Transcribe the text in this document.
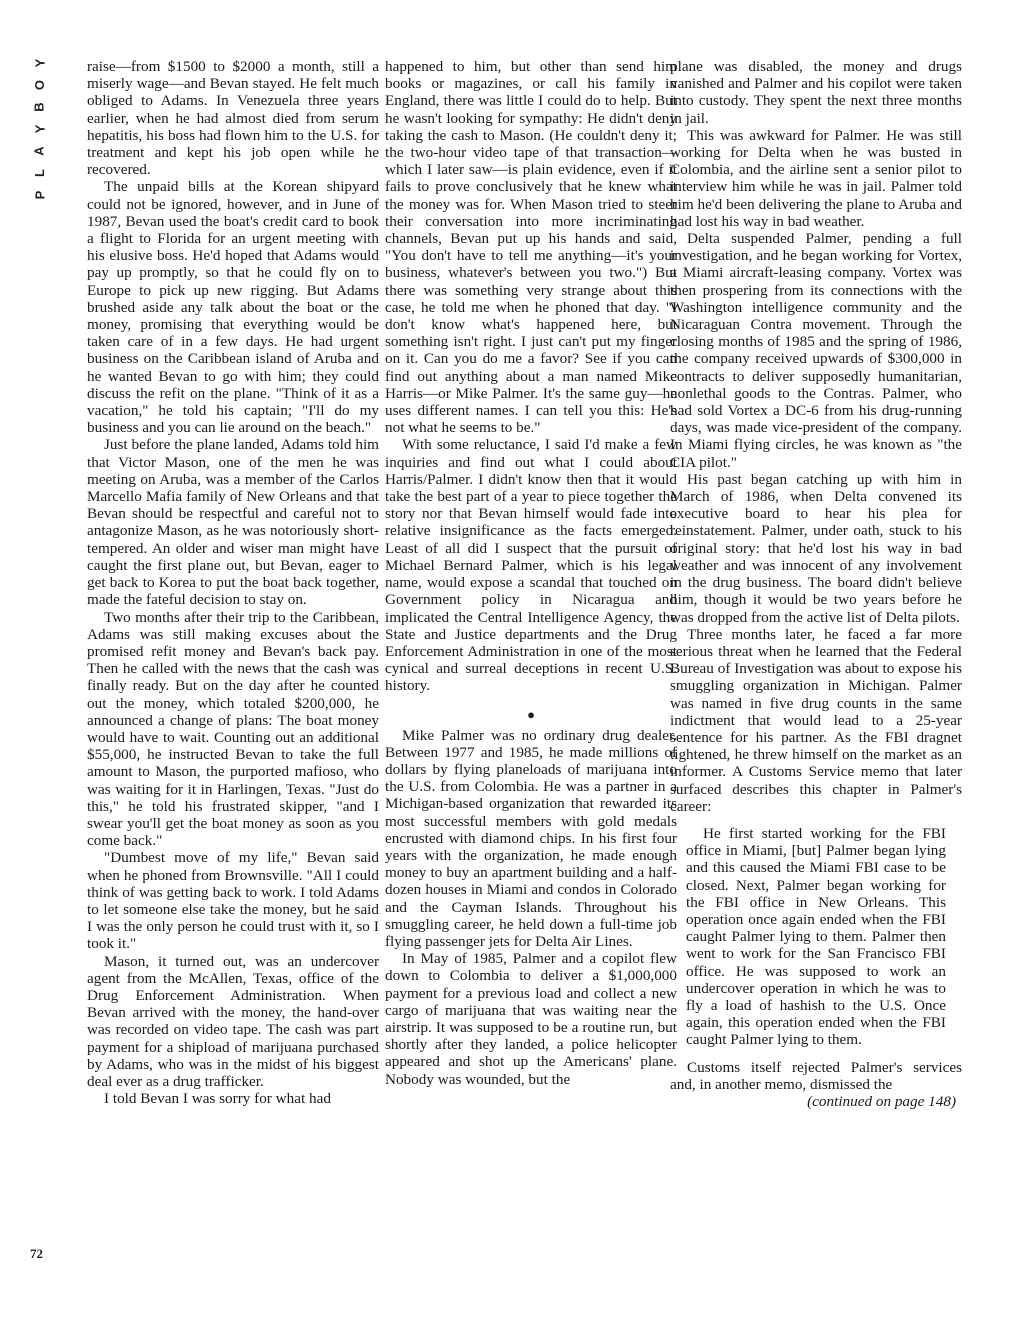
Y
O
B
Y
A
L
P
72

raise—from $1500 to $2000 a month, still a miserly wage—and Bevan stayed. He felt much obliged to Adams. In Venezuela three years earlier, when he had almost died from serum hepatitis, his boss had flown him to the U.S. for treatment and kept his job open while he recovered.

The unpaid bills at the Korean shipyard could not be ignored, however, and in June of 1987, Bevan used the boat's credit card to book a flight to Florida for an urgent meeting with his elusive boss. He'd hoped that Adams would pay up promptly, so that he could fly on to Europe to pick up new rigging. But Adams brushed aside any talk about the boat or the money, promising that everything would be taken care of in a few days. He had urgent business on the Caribbean island of Aruba and he wanted Bevan to go with him; they could discuss the refit on the plane. "Think of it as a vacation," he told his captain; "I'll do my business and you can lie around on the beach."

Just before the plane landed, Adams told him that Victor Mason, one of the men he was meeting on Aruba, was a member of the Carlos Marcello Mafia family of New Orleans and that Bevan should be respectful and careful not to antagonize Mason, as he was notoriously short-tempered. An older and wiser man might have caught the first plane out, but Bevan, eager to get back to Korea to put the boat back together, made the fateful decision to stay on.

Two months after their trip to the Caribbean, Adams was still making excuses about the promised refit money and Bevan's back pay. Then he called with the news that the cash was finally ready. But on the day after he counted out the money, which totaled $200,000, he announced a change of plans: The boat money would have to wait. Counting out an additional $55,000, he instructed Bevan to take the full amount to Mason, the purported mafioso, who was waiting for it in Harlingen, Texas. "Just do this," he told his frustrated skipper, "and I swear you'll get the boat money as soon as you come back."

"Dumbest move of my life," Bevan said when he phoned from Brownsville. "All I could think of was getting back to work. I told Adams to let someone else take the money, but he said I was the only person he could trust with it, so I took it."

Mason, it turned out, was an undercover agent from the McAllen, Texas, office of the Drug Enforcement Administration. When Bevan arrived with the money, the hand-over was recorded on video tape. The cash was part payment for a shipload of marijuana purchased by Adams, who was in the midst of his biggest deal ever as a drug trafficker.

I told Bevan I was sorry for what had

happened to him, but other than send him books or magazines, or call his family in England, there was little I could do to help. But he wasn't looking for sympathy: He didn't deny taking the cash to Mason. (He couldn't deny it; the two-hour video tape of that transaction—which I later saw—is plain evidence, even if it fails to prove conclusively that he knew what the money was for. When Mason tried to steer their conversation into more incriminating channels, Bevan put up his hands and said, "You don't have to tell me anything—it's your business, whatever's between you two.") But there was something very strange about this case, he told me when he phoned that day. "I don't know what's happened here, but something isn't right. I just can't put my finger on it. Can you do me a favor? See if you can find out anything about a man named Mike Harris—or Mike Palmer. It's the same guy—he uses different names. I can tell you this: He's not what he seems to be."

With some reluctance, I said I'd make a few inquiries and find out what I could about Harris/Palmer. I didn't know then that it would take the best part of a year to piece together the story nor that Bevan himself would fade into relative insignificance as the facts emerged. Least of all did I suspect that the pursuit of Michael Bernard Palmer, which is his legal name, would expose a scandal that touched on Government policy in Nicaragua and implicated the Central Intelligence Agency, the State and Justice departments and the Drug Enforcement Administration in one of the most cynical and surreal deceptions in recent U.S. history.

●

Mike Palmer was no ordinary drug dealer. Between 1977 and 1985, he made millions of dollars by flying planeloads of marijuana into the U.S. from Colombia. He was a partner in a Michigan-based organization that rewarded its most successful members with gold medals encrusted with diamond chips. In his first four years with the organization, he made enough money to buy an apartment building and a half-dozen houses in Miami and condos in Colorado and the Cayman Islands. Throughout his smuggling career, he held down a full-time job flying passenger jets for Delta Air Lines.

In May of 1985, Palmer and a copilot flew down to Colombia to deliver a $1,000,000 payment for a previous load and collect a new cargo of marijuana that was waiting near the airstrip. It was supposed to be a routine run, but shortly after they landed, a police helicopter appeared and shot up the Americans' plane. Nobody was wounded, but the

plane was disabled, the money and drugs vanished and Palmer and his copilot were taken into custody. They spent the next three months in jail.

This was awkward for Palmer. He was still working for Delta when he was busted in Colombia, and the airline sent a senior pilot to interview him while he was in jail. Palmer told him he'd been delivering the plane to Aruba and had lost his way in bad weather.

Delta suspended Palmer, pending a full investigation, and he began working for Vortex, a Miami aircraft-leasing company. Vortex was then prospering from its connections with the Washington intelligence community and the Nicaraguan Contra movement. Through the closing months of 1985 and the spring of 1986, the company received upwards of $300,000 in contracts to deliver supposedly humanitarian, nonlethal goods to the Contras. Palmer, who had sold Vortex a DC-6 from his drug-running days, was made vice-president of the company. In Miami flying circles, he was known as "the CIA pilot."

His past began catching up with him in March of 1986, when Delta convened its executive board to hear his plea for reinstatement. Palmer, under oath, stuck to his original story: that he'd lost his way in bad weather and was innocent of any involvement in the drug business. The board didn't believe him, though it would be two years before he was dropped from the active list of Delta pilots.

Three months later, he faced a far more serious threat when he learned that the Federal Bureau of Investigation was about to expose his smuggling organization in Michigan. Palmer was named in five drug counts in the same indictment that would lead to a 25-year sentence for his partner. As the FBI dragnet tightened, he threw himself on the market as an informer. A Customs Service memo that later surfaced describes this chapter in Palmer's career:

He first started working for the FBI office in Miami, [but] Palmer began lying and this caused the Miami FBI case to be closed. Next, Palmer began working for the FBI office in New Orleans. This operation once again ended when the FBI caught Palmer lying to them. Palmer then went to work for the San Francisco FBI office. He was supposed to work an undercover operation in which he was to fly a load of hashish to the U.S. Once again, this operation ended when the FBI caught Palmer lying to them.

Customs itself rejected Palmer's services and, in another memo, dismissed the

(continued on page 148)
